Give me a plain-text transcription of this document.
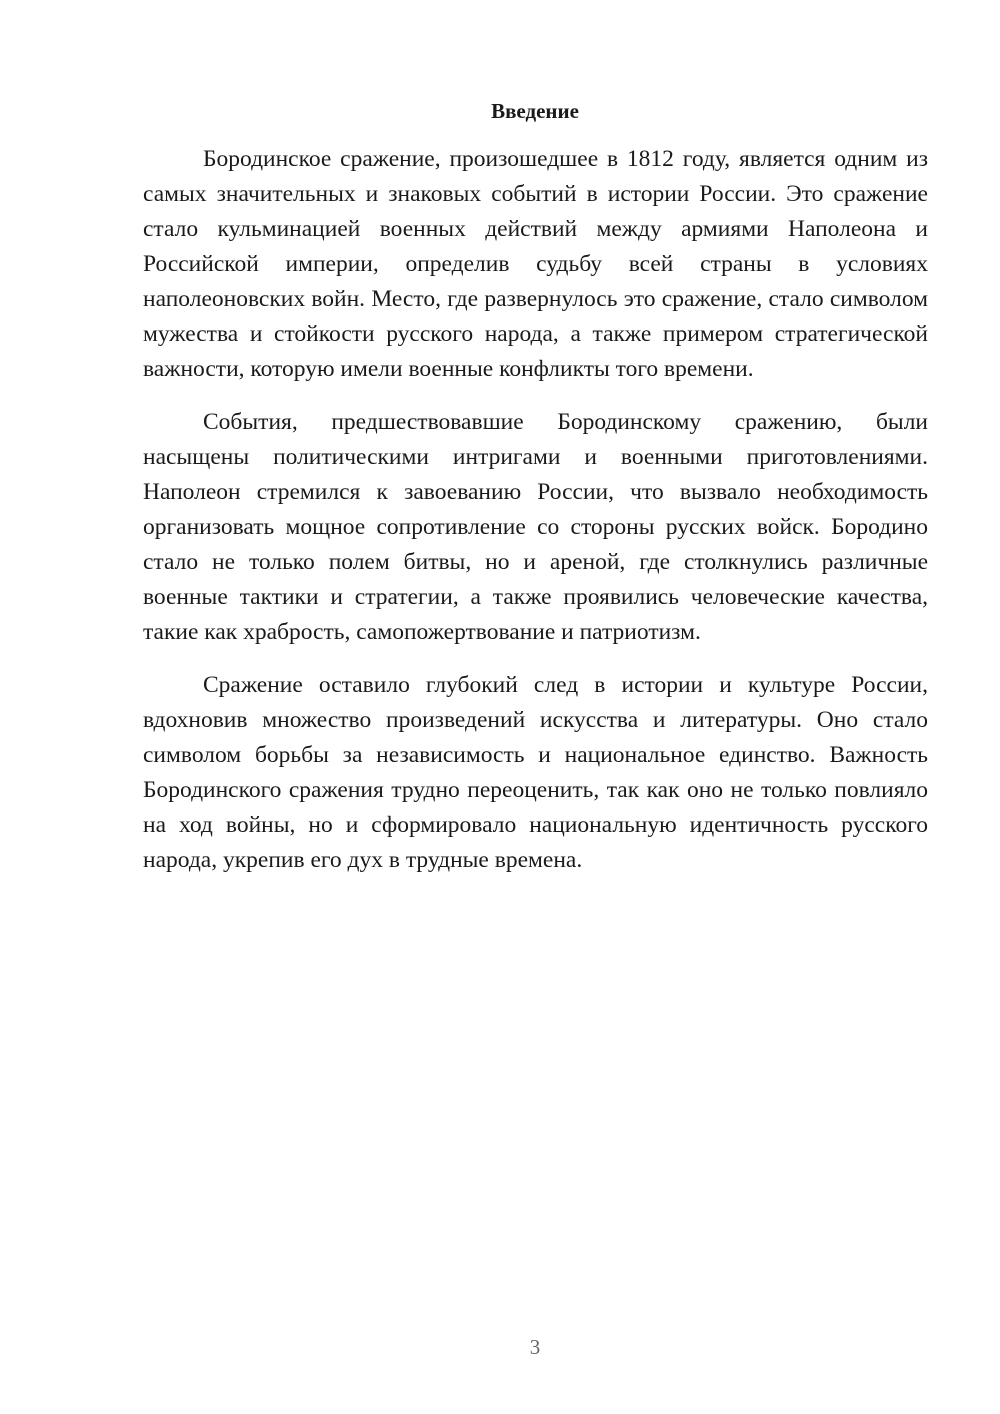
Введение

Бородинское сражение, произошедшее в 1812 году, является одним из самых значительных и знаковых событий в истории России. Это сражение стало кульминацией военных действий между армиями Наполеона и Российской империи, определив судьбу всей страны в условиях наполеоновских войн. Место, где развернулось это сражение, стало символом мужества и стойкости русского народа, а также примером стратегической важности, которую имели военные конфликты того времени.

События, предшествовавшие Бородинскому сражению, были насыщены политическими интригами и военными приготовлениями. Наполеон стремился к завоеванию России, что вызвало необходимость организовать мощное сопротивление со стороны русских войск. Бородино стало не только полем битвы, но и ареной, где столкнулись различные военные тактики и стратегии, а также проявились человеческие качества, такие как храбрость, самопожертвование и патриотизм.

Сражение оставило глубокий след в истории и культуре России, вдохновив множество произведений искусства и литературы. Оно стало символом борьбы за независимость и национальное единство. Важность Бородинского сражения трудно переоценить, так как оно не только повлияло на ход войны, но и сформировало национальную идентичность русского народа, укрепив его дух в трудные времена.

3
